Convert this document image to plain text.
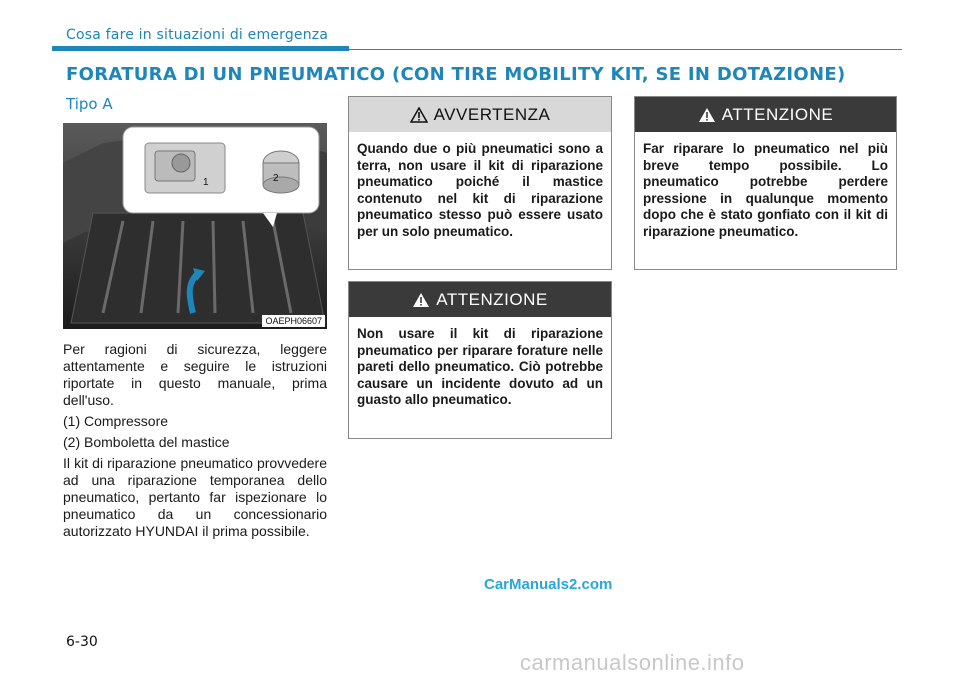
Cosa fare in situazioni di emergenza
FORATURA DI UN PNEUMATICO (CON TIRE MOBILITY KIT, SE IN DOTAZIONE)
Tipo A
1	2
OAEPH06607

Per ragioni di sicurezza, leggere attentamente e seguire le istruzioni riportate in questo manuale, prima dell'uso.

(1) Compressore

(2) Bomboletta del mastice

Il kit di riparazione pneumatico provvedere ad una riparazione temporanea dello pneumatico, pertanto far ispezionare lo pneumatico da un concessionario autorizzato HYUNDAI il prima possibile.

AVVERTENZA
Quando due o più pneumatici sono a terra, non usare il kit di riparazione pneumatico poiché il mastice contenuto nel kit di riparazione pneumatico stesso può essere usato per un solo pneumatico.
ATTENZIONE
Non usare il kit di riparazione pneumatico per riparare forature nelle pareti dello pneumatico. Ciò potrebbe causare un incidente dovuto ad un guasto allo pneumatico.
ATTENZIONE
Far riparare lo pneumatico nel più breve tempo possibile. Lo pneumatico potrebbe perdere pressione in qualunque momento dopo che è stato gonfiato con il kit di riparazione pneumatico.
CarManuals2.com
6-30
carmanualsonline.info
